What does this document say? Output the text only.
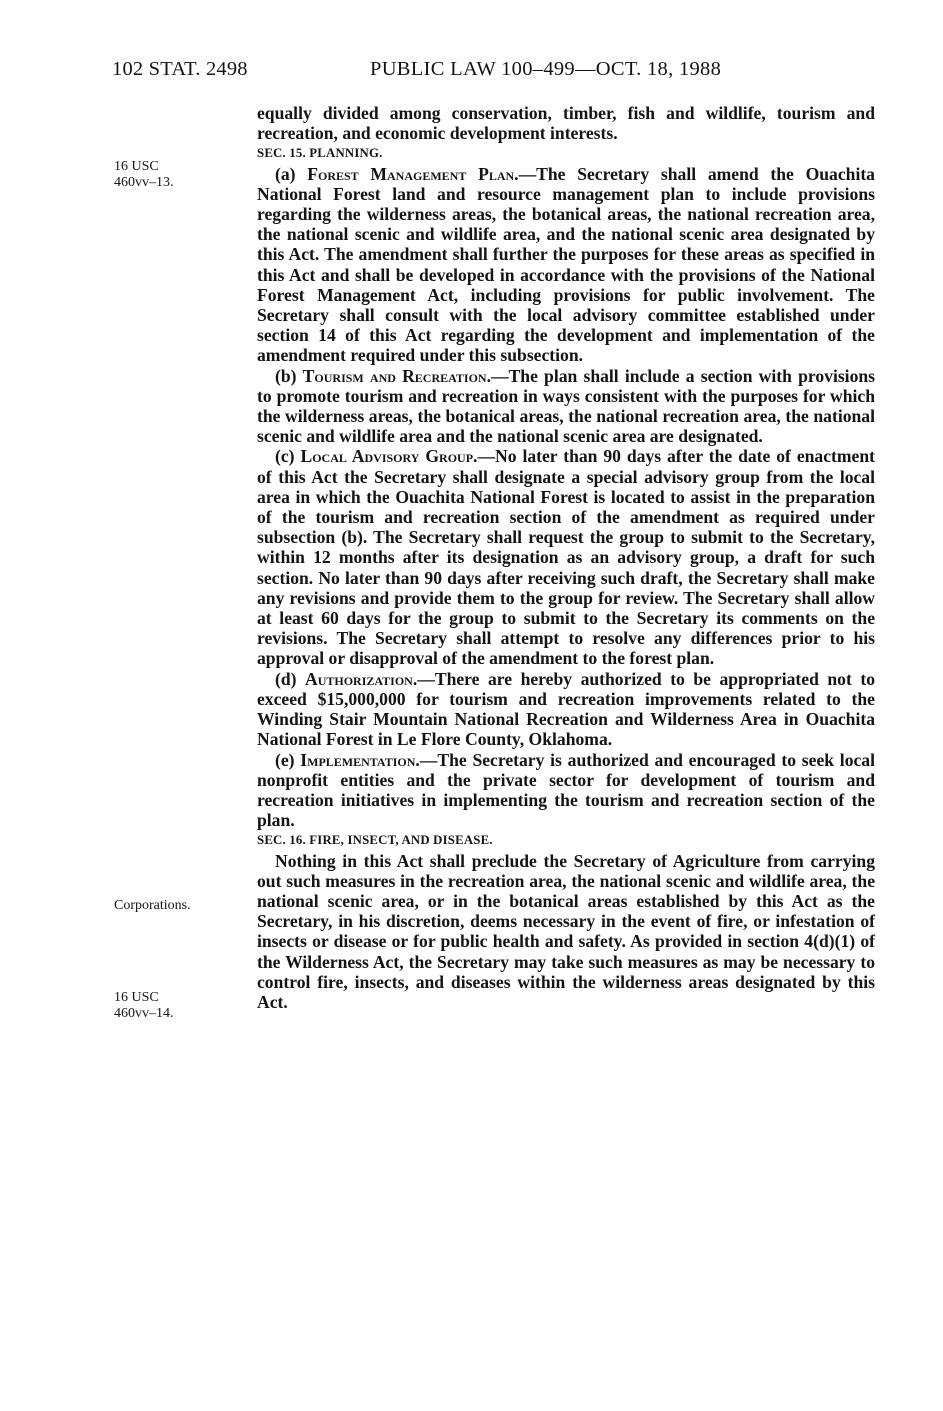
102 STAT. 2498	PUBLIC LAW 100–499—OCT. 18, 1988
16 USC
460vv–13.
Corporations.
16 USC
460vv–14.

equally divided among conservation, timber, fish and wildlife, tourism and recreation, and economic development interests.

SEC. 15. PLANNING.

(a) Forest Management Plan.—The Secretary shall amend the Ouachita National Forest land and resource management plan to include provisions regarding the wilderness areas, the botanical areas, the national recreation area, the national scenic and wildlife area, and the national scenic area designated by this Act. The amendment shall further the purposes for these areas as specified in this Act and shall be developed in accordance with the provisions of the National Forest Management Act, including provisions for public involvement. The Secretary shall consult with the local advisory committee established under section 14 of this Act regarding the development and implementation of the amendment required under this subsection.

(b) Tourism and Recreation.—The plan shall include a section with provisions to promote tourism and recreation in ways consistent with the purposes for which the wilderness areas, the botanical areas, the national recreation area, the national scenic and wildlife area and the national scenic area are designated.

(c) Local Advisory Group.—No later than 90 days after the date of enactment of this Act the Secretary shall designate a special advisory group from the local area in which the Ouachita National Forest is located to assist in the preparation of the tourism and recreation section of the amendment as required under subsection (b). The Secretary shall request the group to submit to the Secretary, within 12 months after its designation as an advisory group, a draft for such section. No later than 90 days after receiving such draft, the Secretary shall make any revisions and provide them to the group for review. The Secretary shall allow at least 60 days for the group to submit to the Secretary its comments on the revisions. The Secretary shall attempt to resolve any differences prior to his approval or disapproval of the amendment to the forest plan.

(d) Authorization.—There are hereby authorized to be appropriated not to exceed $15,000,000 for tourism and recreation improvements related to the Winding Stair Mountain National Recreation and Wilderness Area in Ouachita National Forest in Le Flore County, Oklahoma.

(e) Implementation.—The Secretary is authorized and encouraged to seek local nonprofit entities and the private sector for development of tourism and recreation initiatives in implementing the tourism and recreation section of the plan.

SEC. 16. FIRE, INSECT, AND DISEASE.

Nothing in this Act shall preclude the Secretary of Agriculture from carrying out such measures in the recreation area, the national scenic and wildlife area, the national scenic area, or in the botanical areas established by this Act as the Secretary, in his discretion, deems necessary in the event of fire, or infestation of insects or disease or for public health and safety. As provided in section 4(d)(1) of the Wilderness Act, the Secretary may take such measures as may be necessary to control fire, insects, and diseases within the wilderness areas designated by this Act.
